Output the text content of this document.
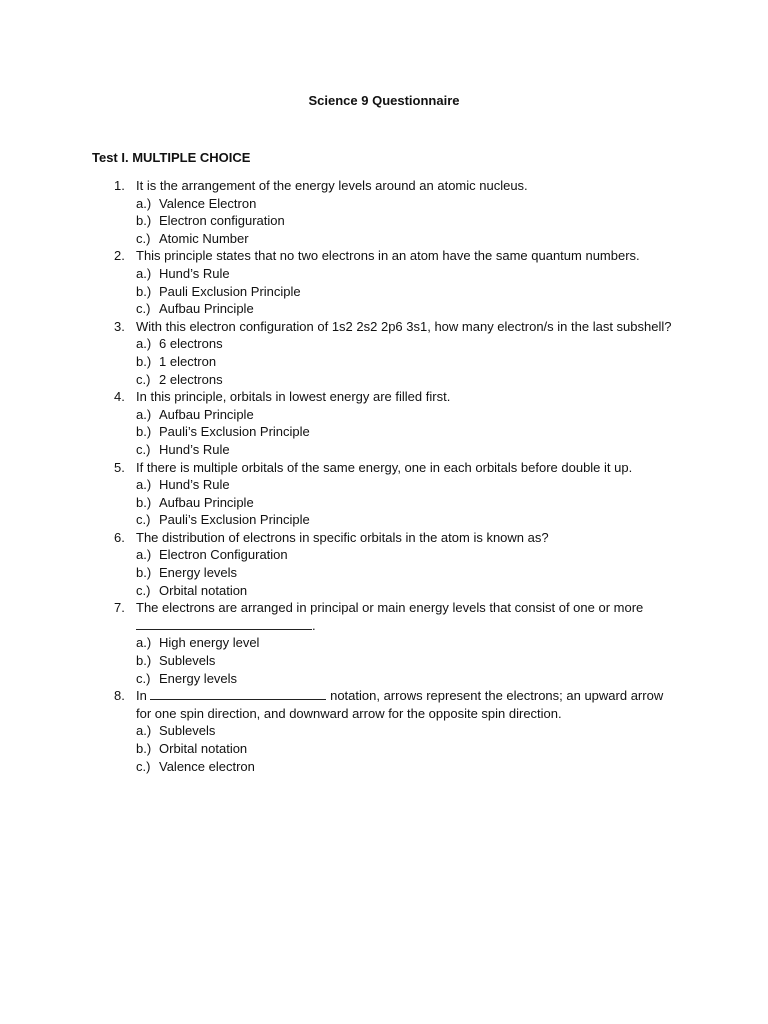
Science 9 Questionnaire
Test I. MULTIPLE CHOICE
1. It is the arrangement of the energy levels around an atomic nucleus.
a.) Valence Electron
b.) Electron configuration
c.) Atomic Number
2. This principle states that no two electrons in an atom have the same quantum numbers.
a.) Hund’s Rule
b.) Pauli Exclusion Principle
c.) Aufbau Principle
3. With this electron configuration of 1s2 2s2 2p6 3s1, how many electron/s in the last subshell?
a.) 6 electrons
b.) 1 electron
c.) 2 electrons
4. In this principle, orbitals in lowest energy are filled first.
a.) Aufbau Principle
b.) Pauli’s Exclusion Principle
c.) Hund’s Rule
5. If there is multiple orbitals of the same energy, one in each orbitals before double it up.
a.) Hund’s Rule
b.) Aufbau Principle
c.) Pauli’s Exclusion Principle
6. The distribution of electrons in specific orbitals in the atom is known as?
a.) Electron Configuration
b.) Energy levels
c.) Orbital notation
7. The electrons are arranged in principal or main energy levels that consist of one or more
.
a.) High energy level
b.) Sublevels
c.) Energy levels
8. In	notation, arrows represent the electrons; an upward arrow for one spin direction, and downward arrow for the opposite spin direction.
a.) Sublevels
b.) Orbital notation
c.) Valence electron
